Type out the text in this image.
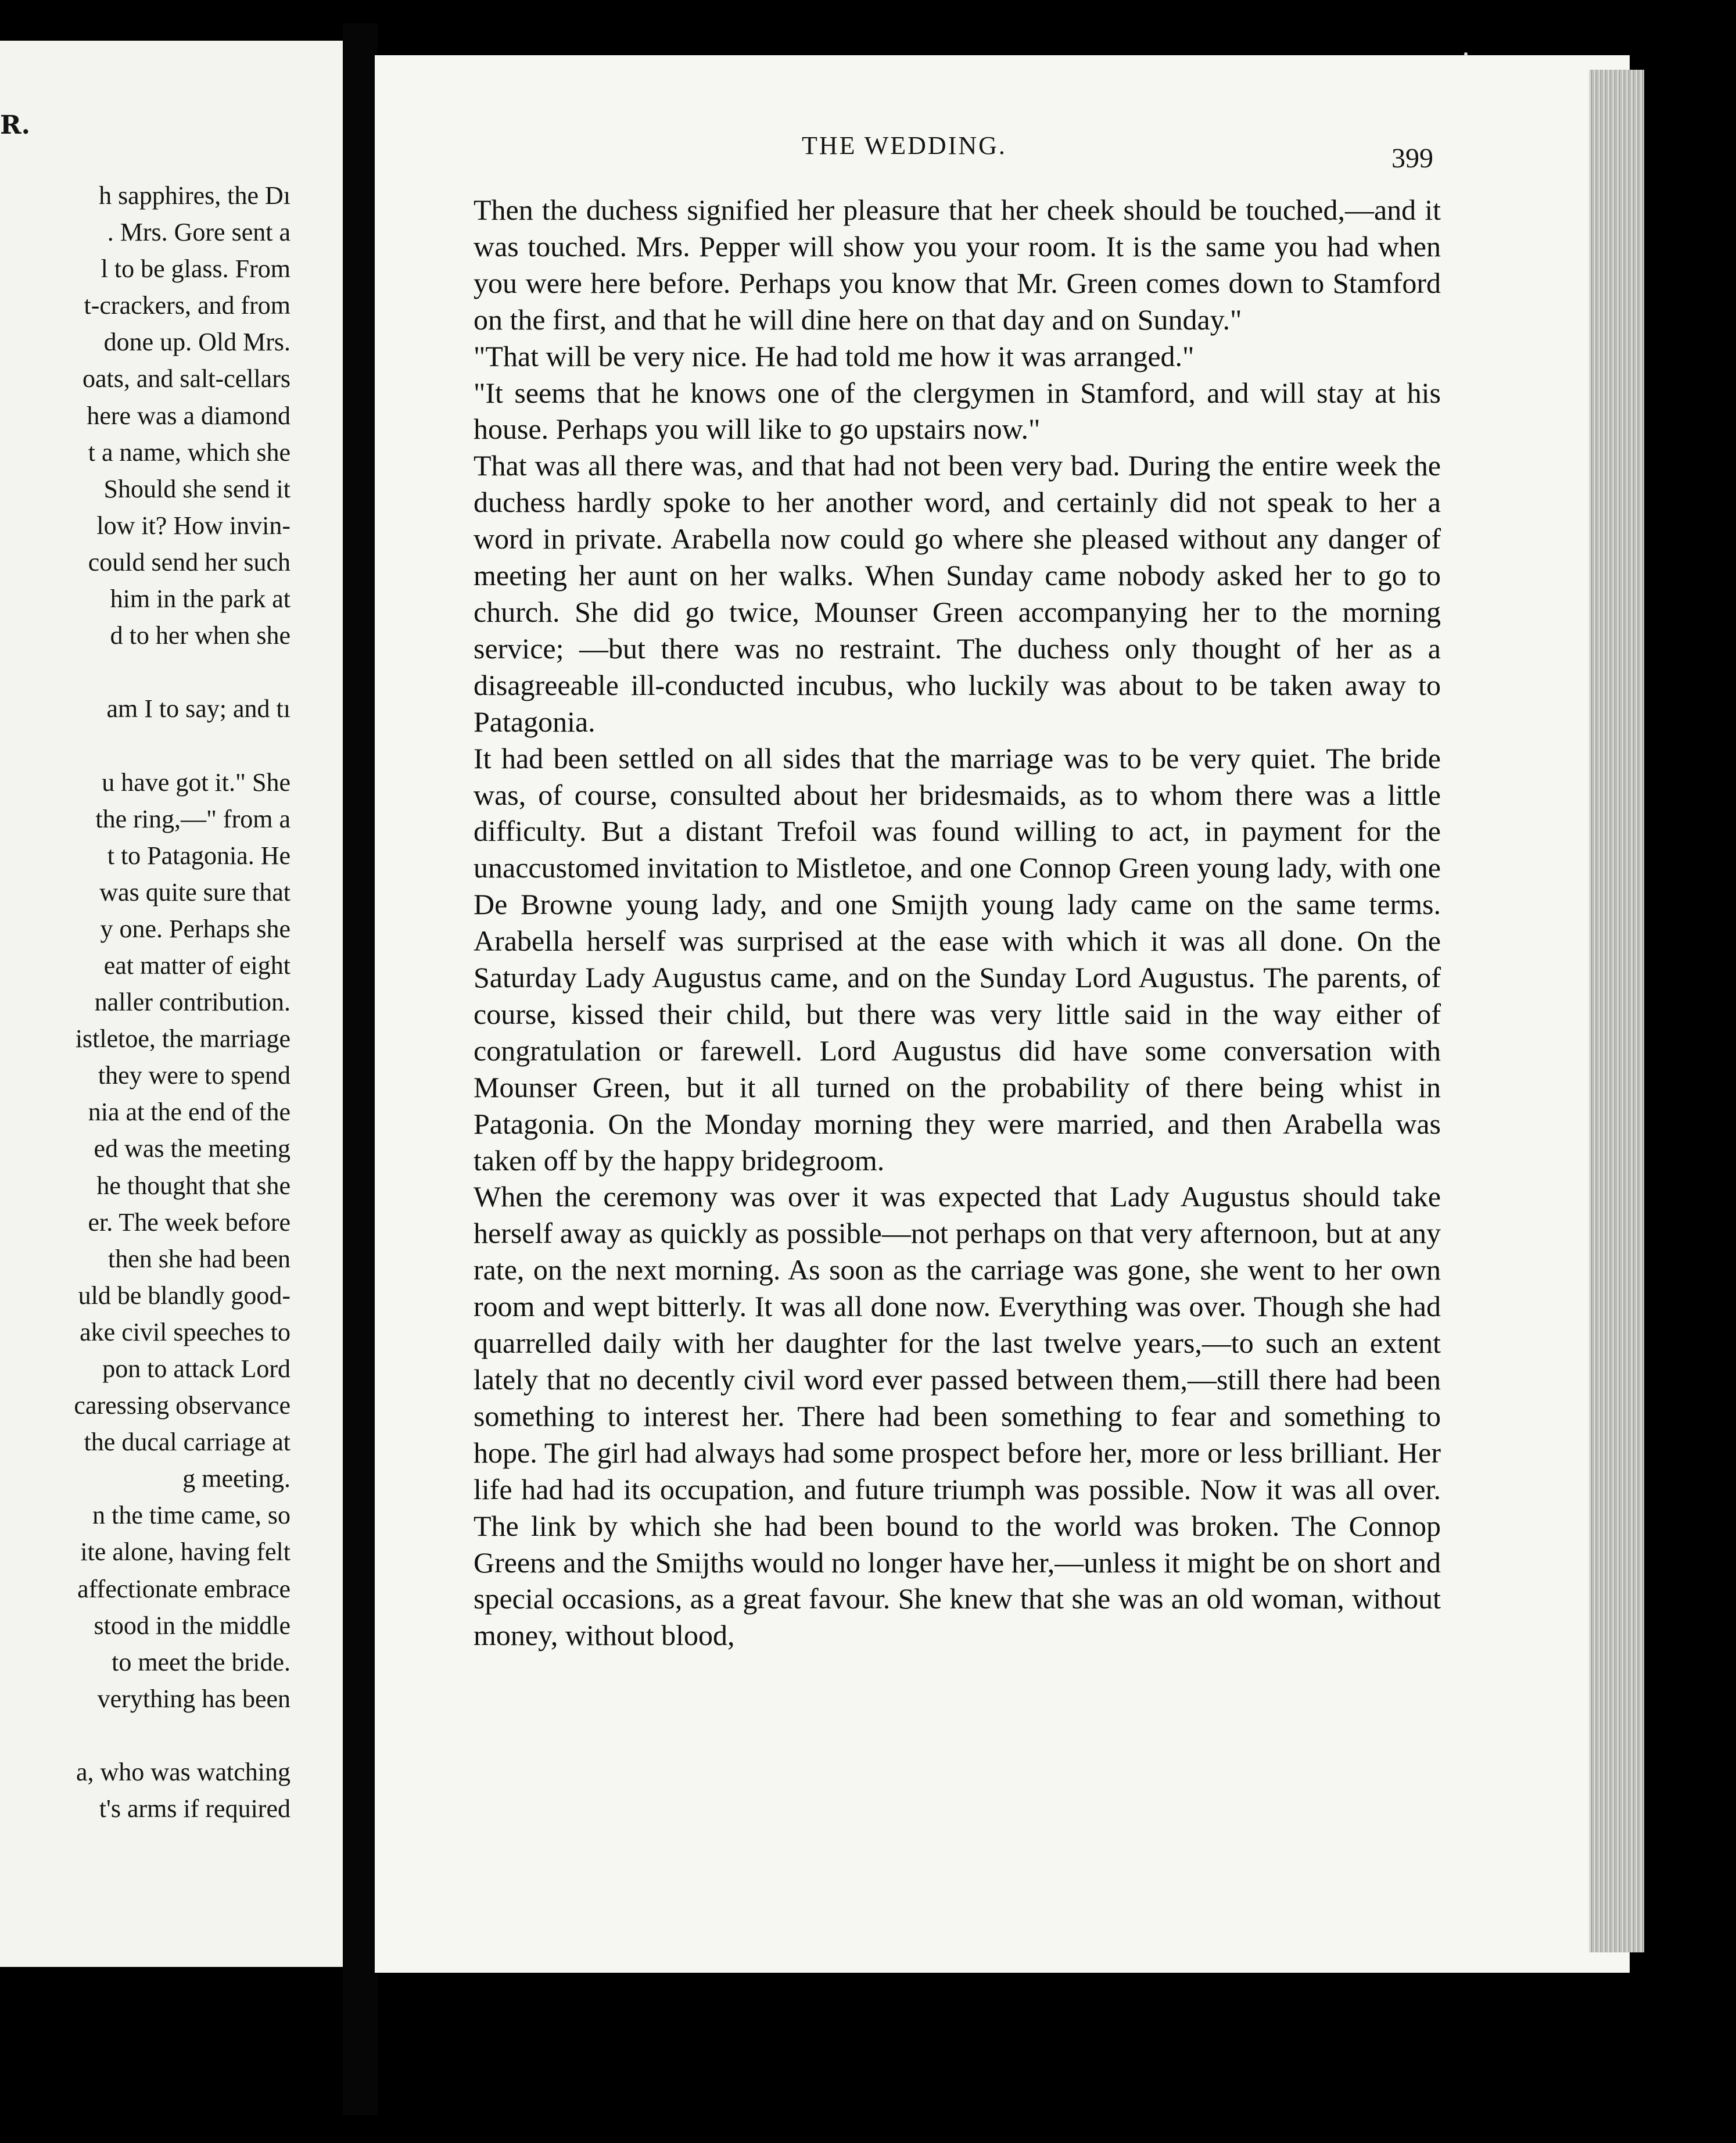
R.

h sapphires, the Dı
. Mrs. Gore sent a
l to be glass. From
t-crackers, and from
done up. Old Mrs.
oats, and salt-cellars
here was a diamond
t a name, which she
Should she send it
low it? How invin-
could send her such
him in the park at
d to her when she
am I to say; and tı
u have got it." She
the ring,—" from a
t to Patagonia. He
was quite sure that
y one. Perhaps she
eat matter of eight
naller contribution.
istletoe, the marriage
they were to spend
nia at the end of the
ed was the meeting
he thought that she
er. The week before
then she had been
uld be blandly good-
ake civil speeches to
pon to attack Lord
caressing observance
the ducal carriage at
g meeting.
n the time came, so
ite alone, having felt
affectionate embrace
stood in the middle
to meet the bride.
verything has been
a, who was watching
t's arms if required

THE WEDDING.	399

Then the duchess signified her pleasure that her cheek should be touched,—and it was touched. Mrs. Pepper will show you your room. It is the same you had when you were here before. Perhaps you know that Mr. Green comes down to Stamford on the first, and that he will dine here on that day and on Sunday."

"That will be very nice. He had told me how it was arranged."

"It seems that he knows one of the clergymen in Stamford, and will stay at his house. Perhaps you will like to go upstairs now."

That was all there was, and that had not been very bad. During the entire week the duchess hardly spoke to her another word, and certainly did not speak to her a word in private. Arabella now could go where she pleased without any danger of meeting her aunt on her walks. When Sunday came nobody asked her to go to church. She did go twice, Mounser Green accompanying her to the morning service; —but there was no restraint. The duchess only thought of her as a disagreeable ill-conducted incubus, who luckily was about to be taken away to Patagonia.

It had been settled on all sides that the marriage was to be very quiet. The bride was, of course, consulted about her bridesmaids, as to whom there was a little difficulty. But a distant Trefoil was found willing to act, in payment for the unaccustomed invitation to Mistletoe, and one Connop Green young lady, with one De Browne young lady, and one Smijth young lady came on the same terms. Arabella herself was surprised at the ease with which it was all done. On the Saturday Lady Augustus came, and on the Sunday Lord Augustus. The parents, of course, kissed their child, but there was very little said in the way either of congratulation or farewell. Lord Augustus did have some conversation with Mounser Green, but it all turned on the probability of there being whist in Patagonia. On the Monday morning they were married, and then Arabella was taken off by the happy bridegroom.

When the ceremony was over it was expected that Lady Augustus should take herself away as quickly as possible—not perhaps on that very afternoon, but at any rate, on the next morning. As soon as the carriage was gone, she went to her own room and wept bitterly. It was all done now. Everything was over. Though she had quarrelled daily with her daughter for the last twelve years,—to such an extent lately that no decently civil word ever passed between them,—still there had been something to interest her. There had been something to fear and something to hope. The girl had always had some prospect before her, more or less brilliant. Her life had had its occupation, and future triumph was possible. Now it was all over. The link by which she had been bound to the world was broken. The Connop Greens and the Smijths would no longer have her,—unless it might be on short and special occasions, as a great favour. She knew that she was an old woman, without money, without blood,
